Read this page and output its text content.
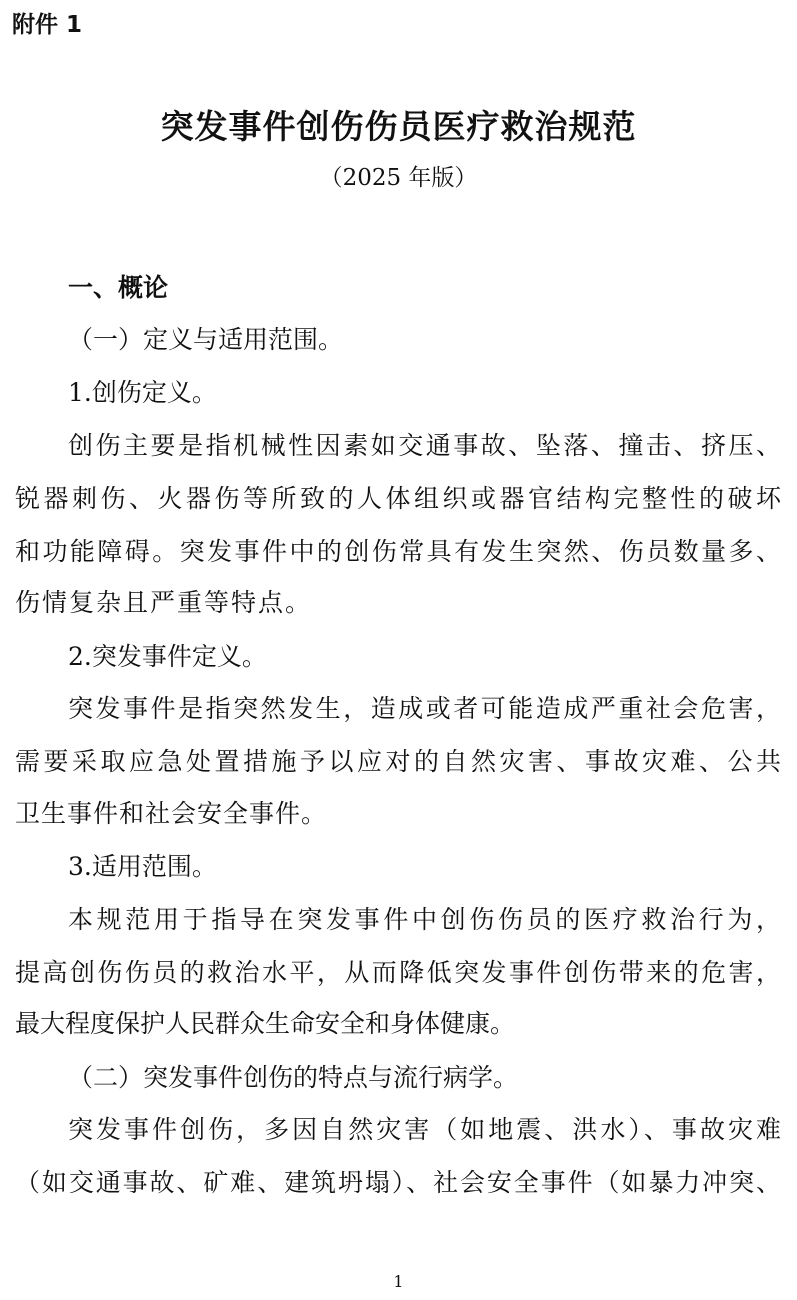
附件 1
突发事件创伤伤员医疗救治规范
（2025 年版）
一、概论
（一）定义与适用范围。
1.创伤定义。
创伤主要是指机械性因素如交通事故、坠落、撞击、挤压、
锐器刺伤、火器伤等所致的人体组织或器官结构完整性的破坏
和功能障碍。突发事件中的创伤常具有发生突然、伤员数量多、
伤情复杂且严重等特点。
2.突发事件定义。
突发事件是指突然发生，造成或者可能造成严重社会危害，
需要采取应急处置措施予以应对的自然灾害、事故灾难、公共
卫生事件和社会安全事件。
3.适用范围。
本规范用于指导在突发事件中创伤伤员的医疗救治行为，
提高创伤伤员的救治水平，从而降低突发事件创伤带来的危害，
最大程度保护人民群众生命安全和身体健康。
（二）突发事件创伤的特点与流行病学。
突发事件创伤，多因自然灾害（如地震、洪水）、事故灾难
（如交通事故、矿难、建筑坍塌）、社会安全事件（如暴力冲突、
1
